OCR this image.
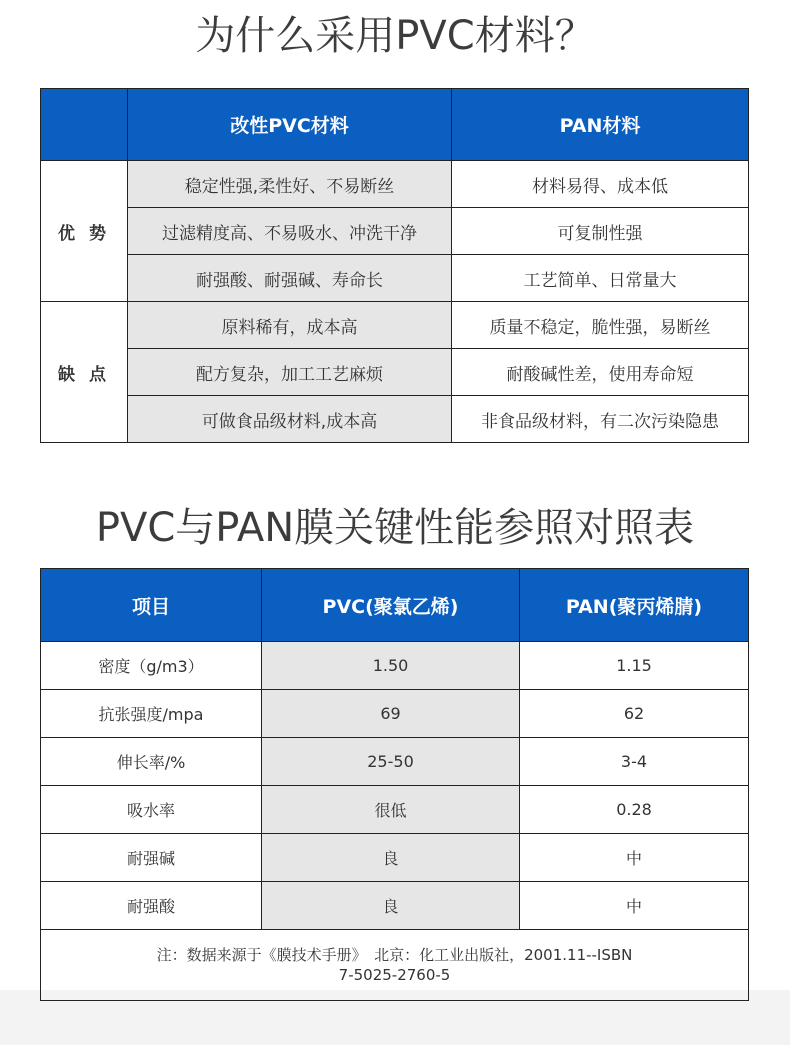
为什么采用PVC材料？
	改性PVC材料	PAN材料
优 势	稳定性强,柔性好、不易断丝	材料易得、成本低
	过滤精度高、不易吸水、冲洗干净	可复制性强
	耐强酸、耐强碱、寿命长	工艺简单、日常量大
缺 点	原料稀有，成本高	质量不稳定，脆性强，易断丝
	配方复杂，加工工艺麻烦	耐酸碱性差，使用寿命短
	可做食品级材料,成本高	非食品级材料，有二次污染隐患
PVC与PAN膜关键性能参照对照表
项目	PVC(聚氯乙烯)	PAN(聚丙烯腈)
密度（g/m3）	1.50	1.15
抗张强度/mpa	69	62
伸长率/%	25-50	3-4
吸水率	很低	0.28
耐强碱	良	中
耐强酸	良	中

注：数据来源于《膜技术手册》　北京：化工业出版社，2001.11--ISBN
7-5025-2760-5		
